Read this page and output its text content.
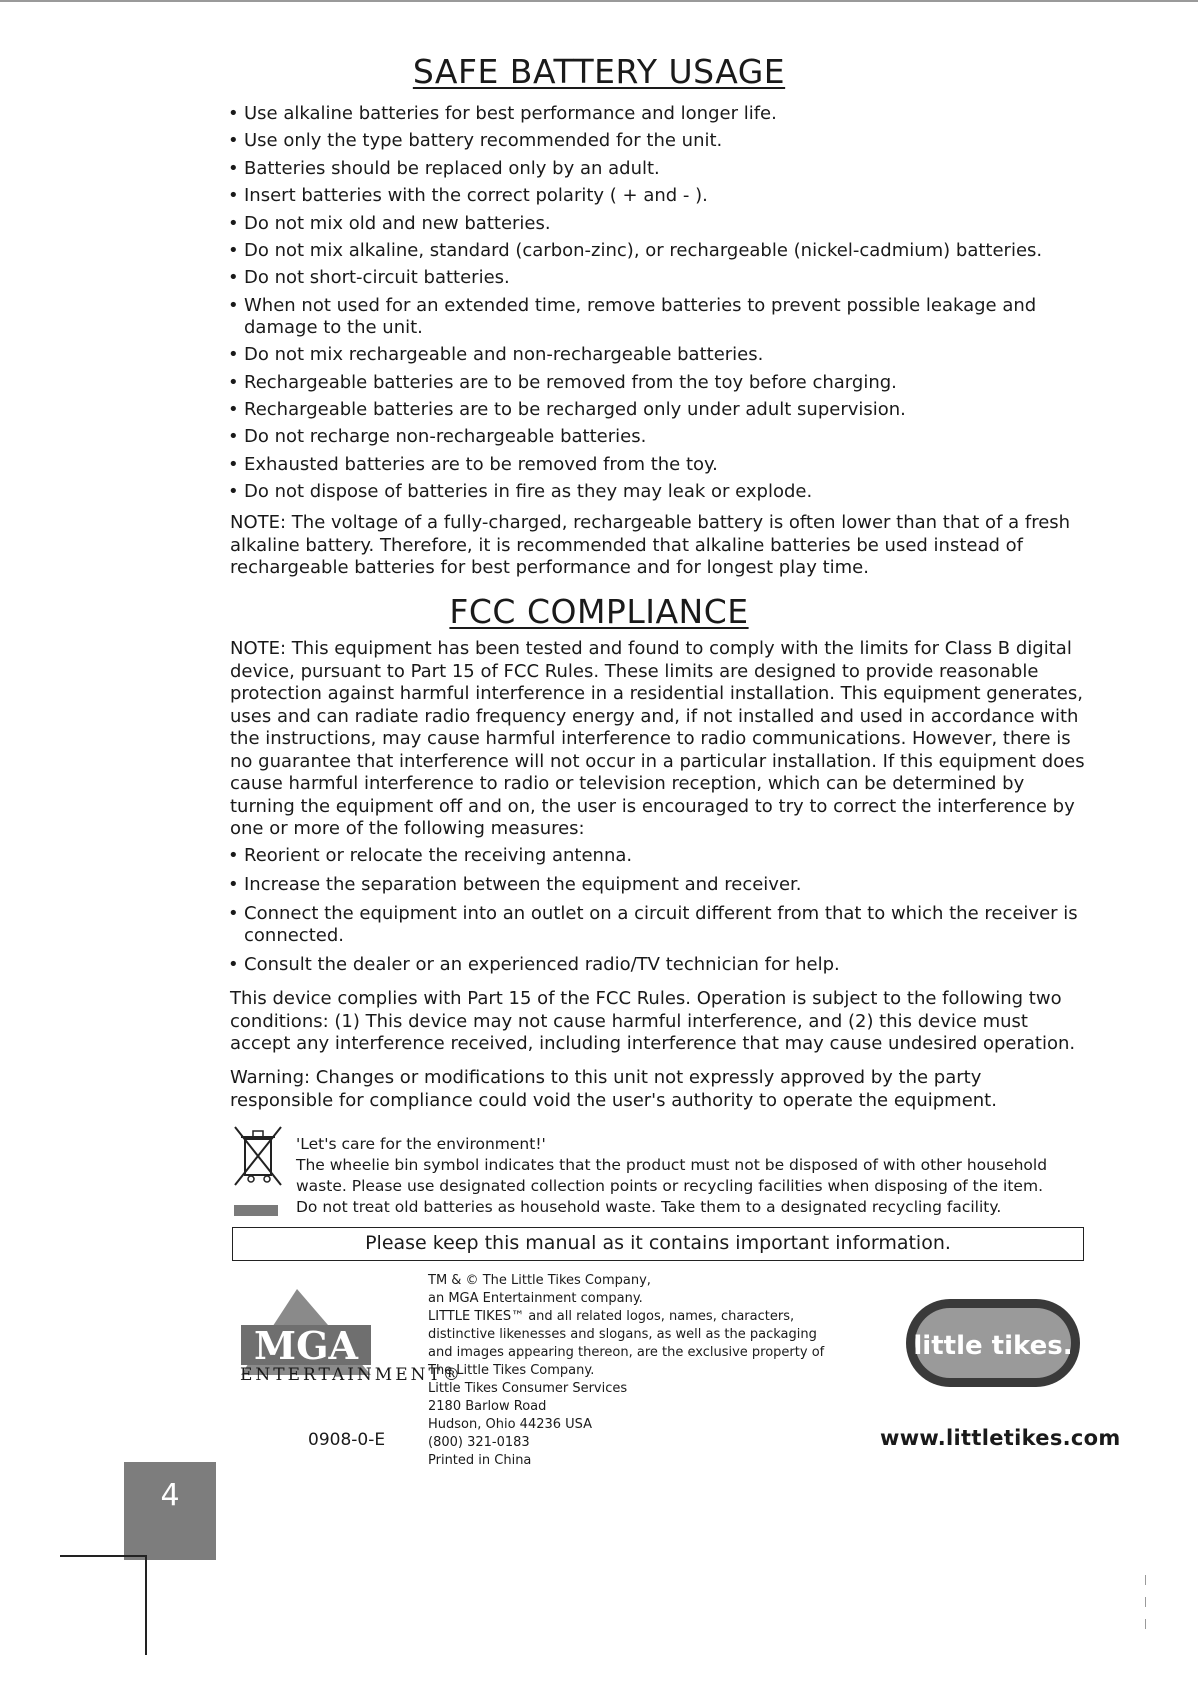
SAFE BATTERY USAGE
• Use alkaline batteries for best performance and longer life.
• Use only the type battery recommended for the unit.
• Batteries should be replaced only by an adult.
• Insert batteries with the correct polarity ( + and - ).
• Do not mix old and new batteries.
• Do not mix alkaline, standard (carbon-zinc), or rechargeable (nickel-cadmium) batteries.
• Do not short-circuit batteries.
• When not used for an extended time, remove batteries to prevent possible leakage and damage to the unit.
• Do not mix rechargeable and non-rechargeable batteries.
• Rechargeable batteries are to be removed from the toy before charging.
• Rechargeable batteries are to be recharged only under adult supervision.
• Do not recharge non-rechargeable batteries.
• Exhausted batteries are to be removed from the toy.
• Do not dispose of batteries in fire as they may leak or explode.

NOTE: The voltage of a fully-charged, rechargeable battery is often lower than that of a fresh alkaline battery. Therefore, it is recommended that alkaline batteries be used instead of rechargeable batteries for best performance and for longest play time.

FCC COMPLIANCE

NOTE: This equipment has been tested and found to comply with the limits for Class B digital device, pursuant to Part 15 of FCC Rules. These limits are designed to provide reasonable protection against harmful interference in a residential installation. This equipment generates, uses and can radiate radio frequency energy and, if not installed and used in accordance with the instructions, may cause harmful interference to radio communications. However, there is no guarantee that interference will not occur in a particular installation. If this equipment does cause harmful interference to radio or television reception, which can be determined by turning the equipment off and on, the user is encouraged to try to correct the interference by one or more of the following measures:

• Reorient or relocate the receiving antenna.
• Increase the separation between the equipment and receiver.
• Connect the equipment into an outlet on a circuit different from that to which the receiver is connected.
• Consult the dealer or an experienced radio/TV technician for help.

This device complies with Part 15 of the FCC Rules. Operation is subject to the following two conditions: (1) This device may not cause harmful interference, and (2) this device must accept any interference received, including interference that may cause undesired operation.

Warning: Changes or modifications to this unit not expressly approved by the party responsible for compliance could void the user's authority to operate the equipment.

'Let's care for the environment!'
The wheelie bin symbol indicates that the product must not be disposed of with other household waste. Please use designated collection points or recycling facilities when disposing of the item.
Do not treat old batteries as household waste. Take them to a designated recycling facility.
Please keep this manual as it contains important information.
MGA
ENTERTAINMENT®
0908-0-E
TM & © The Little Tikes Company,
an MGA Entertainment company.
LITTLE TIKES™ and all related logos, names, characters,
distinctive likenesses and slogans, as well as the packaging
and images appearing thereon, are the exclusive property of
The Little Tikes Company.
Little Tikes Consumer Services
2180 Barlow Road
Hudson, Ohio 44236 USA
(800) 321-0183
Printed in China
little tikes.
www.littletikes.com
4
